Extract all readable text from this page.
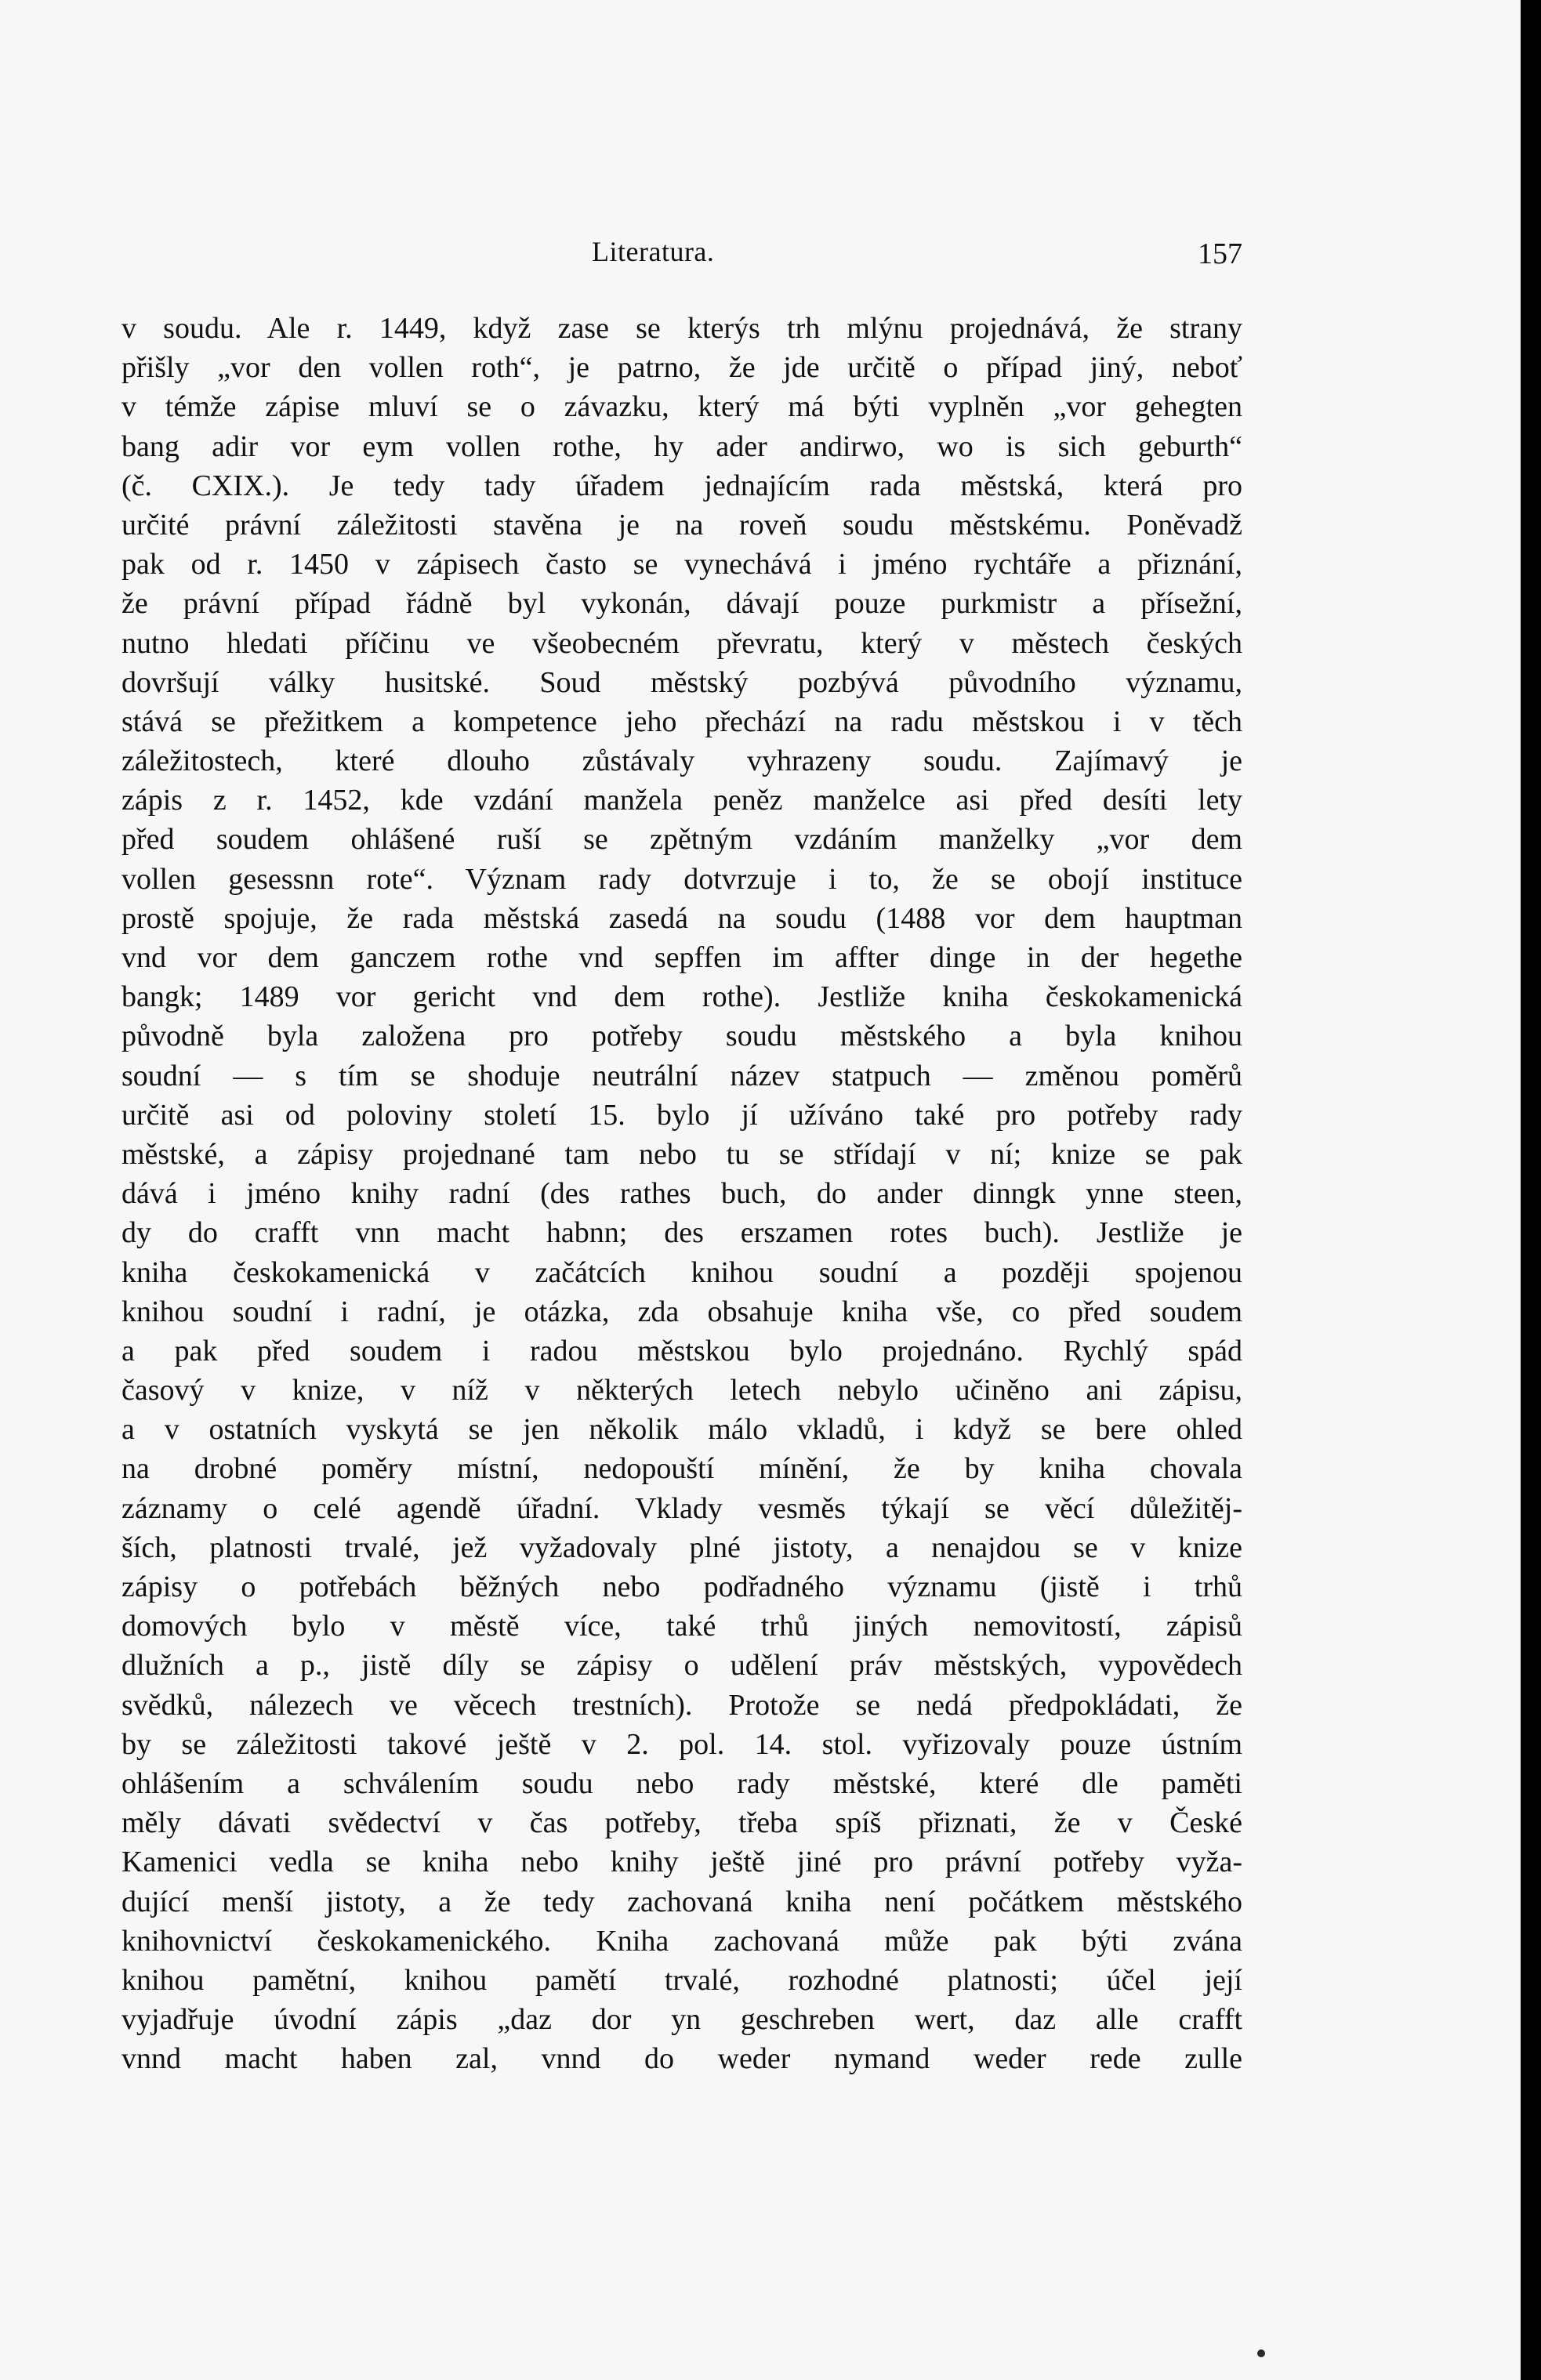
Literatura.	157
v soudu. Ale r. 1449, když zase se kterýs trh mlýnu projednává, že strany
přišly „vor den vollen roth“, je patrno, že jde určitě o případ jiný, neboť
v témže zápise mluví se o závazku, který má býti vyplněn „vor gehegten
bang adir vor eym vollen rothe, hy ader andirwo, wo is sich geburth“
(č. CXIX.). Je tedy tady úřadem jednajícím rada městská, která pro
určité právní záležitosti stavěna je na roveň soudu městskému. Poněvadž
pak od r. 1450 v zápisech často se vynechává i jméno rychtáře a přiznání,
že právní případ řádně byl vykonán, dávají pouze purkmistr a přísežní,
nutno hledati příčinu ve všeobecném převratu, který v městech českých
dovršují války husitské. Soud městský pozbývá původního významu,
stává se přežitkem a kompetence jeho přechází na radu městskou i v těch
záležitostech, které dlouho zůstávaly vyhrazeny soudu. Zajímavý je
zápis z r. 1452, kde vzdání manžela peněz manželce asi před desíti lety
před soudem ohlášené ruší se zpětným vzdáním manželky „vor dem
vollen gesessnn rote“. Význam rady dotvrzuje i to, že se obojí instituce
prostě spojuje, že rada městská zasedá na soudu (1488 vor dem hauptman
vnd vor dem ganczem rothe vnd sepffen im affter dinge in der hegethe
bangk; 1489 vor gericht vnd dem rothe). Jestliže kniha českokamenická
původně byla založena pro potřeby soudu městského a byla knihou
soudní — s tím se shoduje neutrální název statpuch — změnou poměrů
určitě asi od poloviny století 15. bylo jí užíváno také pro potřeby rady
městské, a zápisy projednané tam nebo tu se střídají v ní; knize se pak
dává i jméno knihy radní (des rathes buch, do ander dinngk ynne steen,
dy do crafft vnn macht habnn; des erszamen rotes buch). Jestliže je
kniha českokamenická v začátcích knihou soudní a později spojenou
knihou soudní i radní, je otázka, zda obsahuje kniha vše, co před soudem
a pak před soudem i radou městskou bylo projednáno. Rychlý spád
časový v knize, v níž v některých letech nebylo učiněno ani zápisu,
a v ostatních vyskytá se jen několik málo vkladů, i když se bere ohled
na drobné poměry místní, nedopouští mínění, že by kniha chovala
záznamy o celé agendě úřadní. Vklady vesměs týkají se věcí důležitěj-
ších, platnosti trvalé, jež vyžadovaly plné jistoty, a nenajdou se v knize
zápisy o potřebách běžných nebo podřadného významu (jistě i trhů
domových bylo v městě více, také trhů jiných nemovitostí, zápisů
dlužních a p., jistě díly se zápisy o udělení práv městských, vypovědech
svědků, nálezech ve věcech trestních). Protože se nedá předpokládati, že
by se záležitosti takové ještě v 2. pol. 14. stol. vyřizovaly pouze ústním
ohlášením a schválením soudu nebo rady městské, které dle paměti
měly dávati svědectví v čas potřeby, třeba spíš přiznati, že v České
Kamenici vedla se kniha nebo knihy ještě jiné pro právní potřeby vyža-
dující menší jistoty, a že tedy zachovaná kniha není počátkem městského
knihovnictví českokamenického. Kniha zachovaná může pak býti zvána
knihou pamětní, knihou pamětí trvalé, rozhodné platnosti; účel její
vyjadřuje úvodní zápis „daz dor yn geschreben wert, daz alle crafft
vnnd macht haben zal, vnnd do weder nymand weder rede zulle
